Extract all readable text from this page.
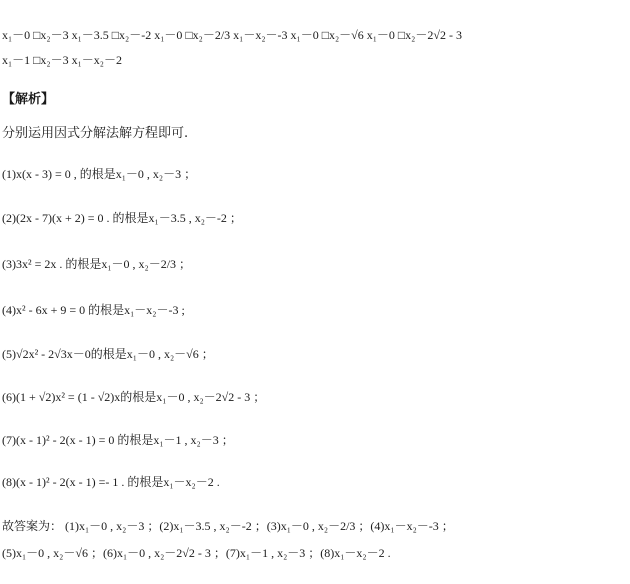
x₁－0 □x₂－3 x₁－3.5 □x₂－-2 x₁－0 □x₂－2/3 x₁－x₂－-3 x₁－0 □x₂－√6 x₁－0 □x₂－2√2 - 3
x₁－1 □x₂－3 x₁－x₂－2
【解析】
分别运用因式分解法解方程即可.
(1)x(x - 3) = 0 , 的根是x₁－0 , x₂－3 ；
(2)(2x - 7)(x + 2) = 0 . 的根是x₁－3.5 , x₂－-2 ；
(3)3x² = 2x . 的根是x₁－0 , x₂－2/3 ；
(4)x² - 6x + 9 = 0 的根是x₁－x₂－-3 ;
(5)√2x² - 2√3x－0的根是x₁－0 , x₂－√6 ；
(6)(1 + √2)x² = (1 - √2)x的根是x₁－0 , x₂－2√2 - 3 ；
(7)(x - 1)² - 2(x - 1) = 0 的根是x₁－1 , x₂－3 ；
(8)(x - 1)² - 2(x - 1) =- 1 . 的根是x₁－x₂－2 .
故答案为： (1)x₁－0 , x₂－3 ；(2)x₁－3.5 , x₂－-2 ；(3)x₁－0 , x₂－2/3 ；(4)x₁－x₂－-3 ；
(5)x₁－0 , x₂－√6 ；(6)x₁－0 , x₂－2√2 - 3 ；(7)x₁－1 , x₂－3 ；(8)x₁－x₂－2 .
